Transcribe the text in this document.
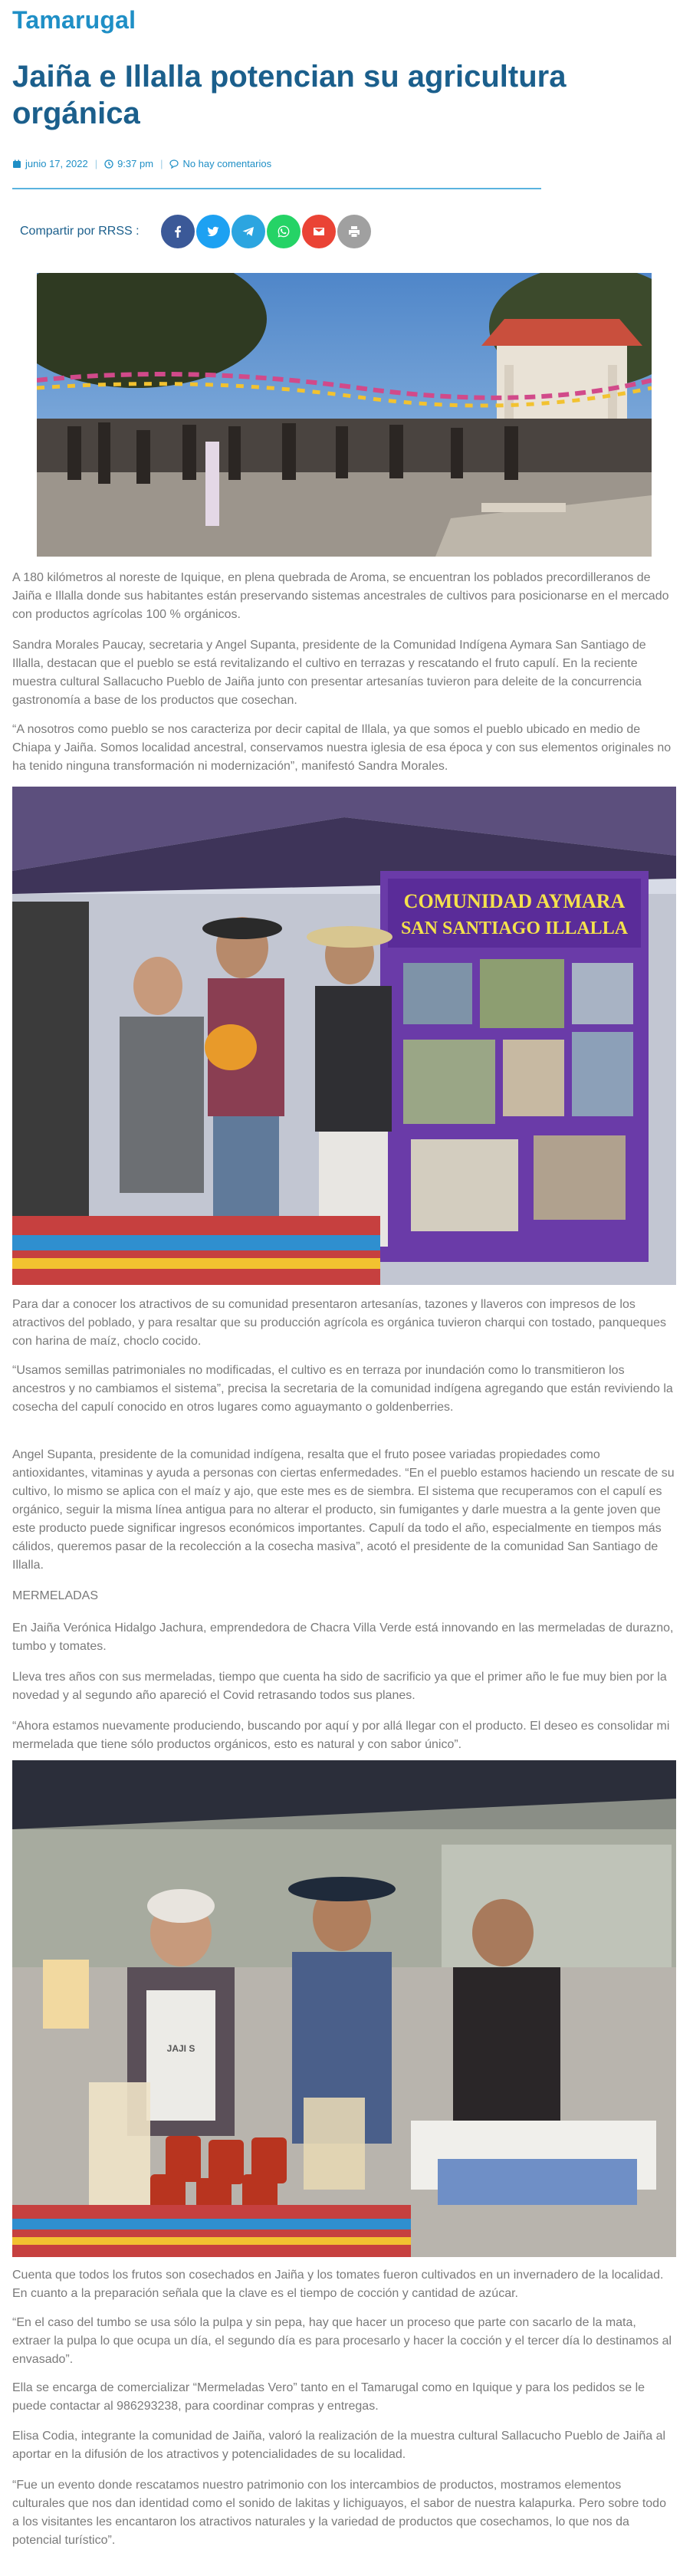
Tamarugal
Jaiña e Illalla potencian su agricultura orgánica
junio 17, 2022 | 9:37 pm | No hay comentarios
Compartir por RRSS :

A 180 kilómetros al noreste de Iquique, en plena quebrada de Aroma, se encuentran los poblados precordilleranos de Jaiña e Illalla donde sus habitantes están preservando sistemas ancestrales de cultivos para posicionarse en el mercado con productos agrícolas 100 % orgánicos.

Sandra Morales Paucay, secretaria y Angel Supanta, presidente de la Comunidad Indígena Aymara San Santiago de Illalla, destacan que el pueblo se está revitalizando el cultivo en terrazas y rescatando el fruto capulí. En la reciente muestra cultural Sallacucho Pueblo de Jaiña junto con presentar artesanías tuvieron para deleite de la concurrencia gastronomía a base de los productos que cosechan.

“A nosotros como pueblo se nos caracteriza por decir capital de Illala, ya que somos el pueblo ubicado en medio de Chiapa y Jaiña. Somos localidad ancestral, conservamos nuestra iglesia de esa época y con sus elementos originales no ha tenido ninguna transformación ni modernización”, manifestó Sandra Morales.

COMUNIDAD AYMARA
SAN SANTIAGO ILLALLA

Para dar a conocer los atractivos de su comunidad presentaron artesanías, tazones y llaveros con impresos de los atractivos del poblado, y para resaltar que su producción agrícola es orgánica tuvieron charqui con tostado, panqueques con harina de maíz, choclo cocido.

“Usamos semillas patrimoniales no modificadas, el cultivo es en terraza por inundación como lo transmitieron los ancestros y no cambiamos el sistema”, precisa la secretaria de la comunidad indígena agregando que están reviviendo la cosecha del capulí conocido en otros lugares como aguaymanto o goldenberries.

Angel Supanta, presidente de la comunidad indígena, resalta que el fruto posee variadas propiedades como antioxidantes, vitaminas y ayuda a personas con ciertas enfermedades. “En el pueblo estamos haciendo un rescate de su cultivo, lo mismo se aplica con el maíz y ajo, que este mes es de siembra. El sistema que recuperamos con el capulí es orgánico, seguir la misma línea antigua para no alterar el producto, sin fumigantes y darle muestra a la gente joven que este producto puede significar ingresos económicos importantes. Capulí da todo el año, especialmente en tiempos más cálidos, queremos pasar de la recolección a la cosecha masiva”, acotó el presidente de la comunidad San Santiago de Illalla.

MERMELADAS

En Jaiña Verónica Hidalgo Jachura, emprendedora de Chacra Villa Verde está innovando en las mermeladas de durazno, tumbo y tomates.

Lleva tres años con sus mermeladas, tiempo que cuenta ha sido de sacrificio ya que el primer año le fue muy bien por la novedad y al segundo año apareció el Covid retrasando todos sus planes.

“Ahora estamos nuevamente produciendo, buscando por aquí y por allá llegar con el producto. El deseo es consolidar mi mermelada que tiene sólo productos orgánicos, esto es natural y con sabor único”.

JAJI S

Cuenta que todos los frutos son cosechados en Jaiña y los tomates fueron cultivados en un invernadero de la localidad. En cuanto a la preparación señala que la clave es el tiempo de cocción y cantidad de azúcar.

“En el caso del tumbo se usa sólo la pulpa y sin pepa, hay que hacer un proceso que parte con sacarlo de la mata, extraer la pulpa lo que ocupa un día, el segundo día es para procesarlo y hacer la cocción y el tercer día lo destinamos al envasado”.

Ella se encarga de comercializar “Mermeladas Vero” tanto en el Tamarugal como en Iquique y para los pedidos se le puede contactar al 986293238, para coordinar compras y entregas.

Elisa Codia, integrante la comunidad de Jaiña, valoró la realización de la muestra cultural Sallacucho Pueblo de Jaiña al aportar en la difusión de los atractivos y potencialidades de su localidad.

“Fue un evento donde rescatamos nuestro patrimonio con los intercambios de productos, mostramos elementos culturales que nos dan identidad como el sonido de lakitas y lichiguayos, el sabor de nuestra kalapurka. Pero sobre todo a los visitantes les encantaron los atractivos naturales y la variedad de productos que cosechamos, lo que nos da potencial turístico”.
